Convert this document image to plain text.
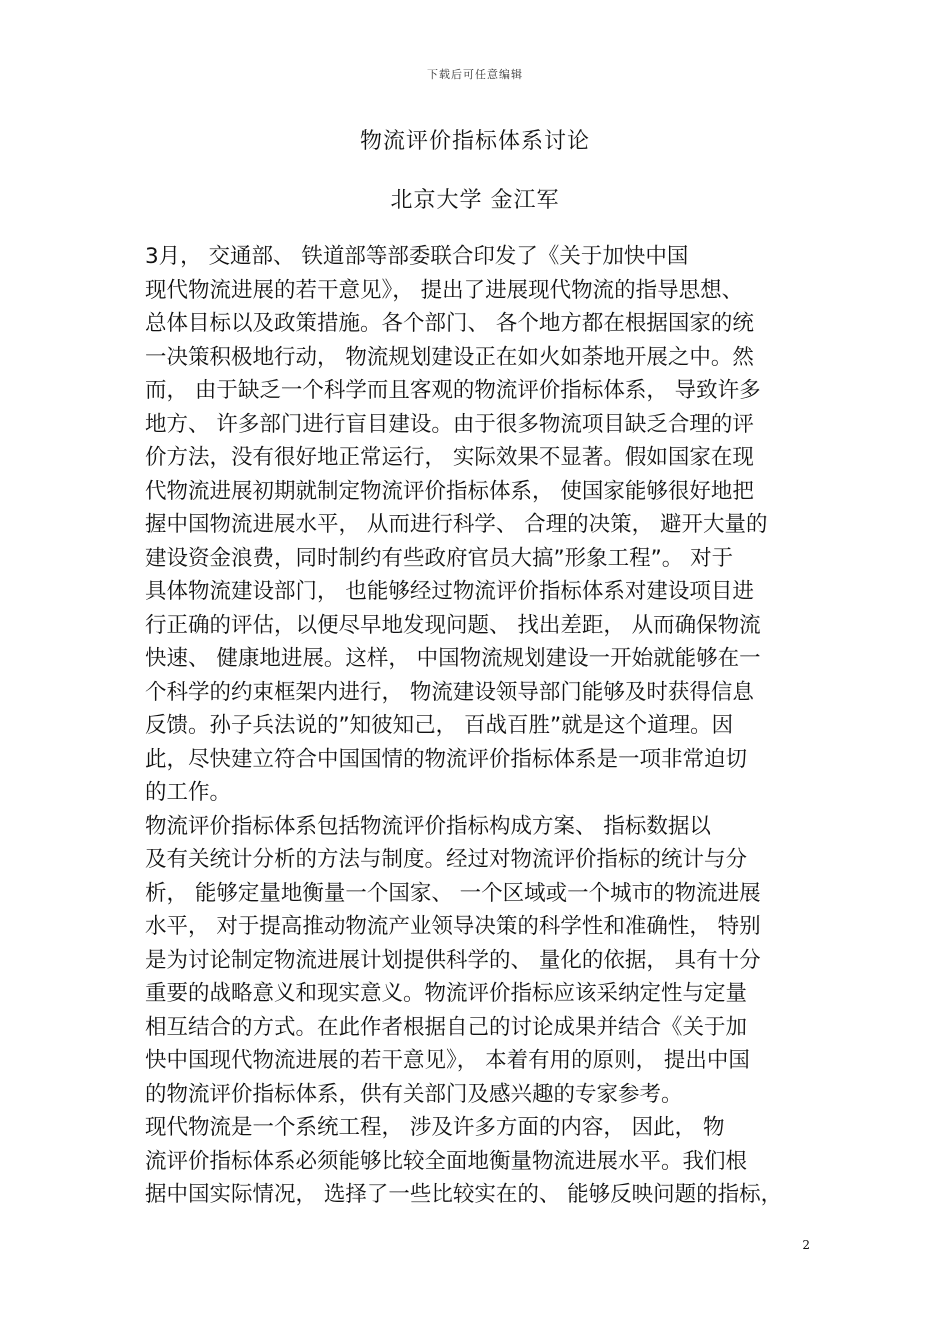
下载后可任意编辑
物流评价指标体系讨论
北京大学 金江军
3月， 交通部、 铁道部等部委联合印发了《关于加快中国
现代物流进展的若干意见》， 提出了进展现代物流的指导思想、
总体目标以及政策措施。各个部门、 各个地方都在根据国家的统
一决策积极地行动， 物流规划建设正在如火如荼地开展之中。然
而， 由于缺乏一个科学而且客观的物流评价指标体系， 导致许多
地方、 许多部门进行盲目建设。由于很多物流项目缺乏合理的评
价方法，没有很好地正常运行， 实际效果不显著。假如国家在现
代物流进展初期就制定物流评价指标体系， 使国家能够很好地把
握中国物流进展水平， 从而进行科学、 合理的决策， 避开大量的
建设资金浪费，同时制约有些政府官员大搞”形象工程”。 对于
具体物流建设部门， 也能够经过物流评价指标体系对建设项目进
行正确的评估，以便尽早地发现问题、 找出差距， 从而确保物流
快速、 健康地进展。这样， 中国物流规划建设一开始就能够在一
个科学的约束框架内进行， 物流建设领导部门能够及时获得信息
反馈。孙子兵法说的”知彼知己， 百战百胜”就是这个道理。因
此，尽快建立符合中国国情的物流评价指标体系是一项非常迫切
的工作。
物流评价指标体系包括物流评价指标构成方案、 指标数据以
及有关统计分析的方法与制度。经过对物流评价指标的统计与分
析， 能够定量地衡量一个国家、 一个区域或一个城市的物流进展
水平， 对于提高推动物流产业领导决策的科学性和准确性， 特别
是为讨论制定物流进展计划提供科学的、 量化的依据， 具有十分
重要的战略意义和现实意义。物流评价指标应该采纳定性与定量
相互结合的方式。在此作者根据自己的讨论成果并结合《关于加
快中国现代物流进展的若干意见》， 本着有用的原则， 提出中国
的物流评价指标体系，供有关部门及感兴趣的专家参考。
现代物流是一个系统工程， 涉及许多方面的内容， 因此， 物
流评价指标体系必须能够比较全面地衡量物流进展水平。我们根
据中国实际情况， 选择了一些比较实在的、 能够反映问题的指标，
2
